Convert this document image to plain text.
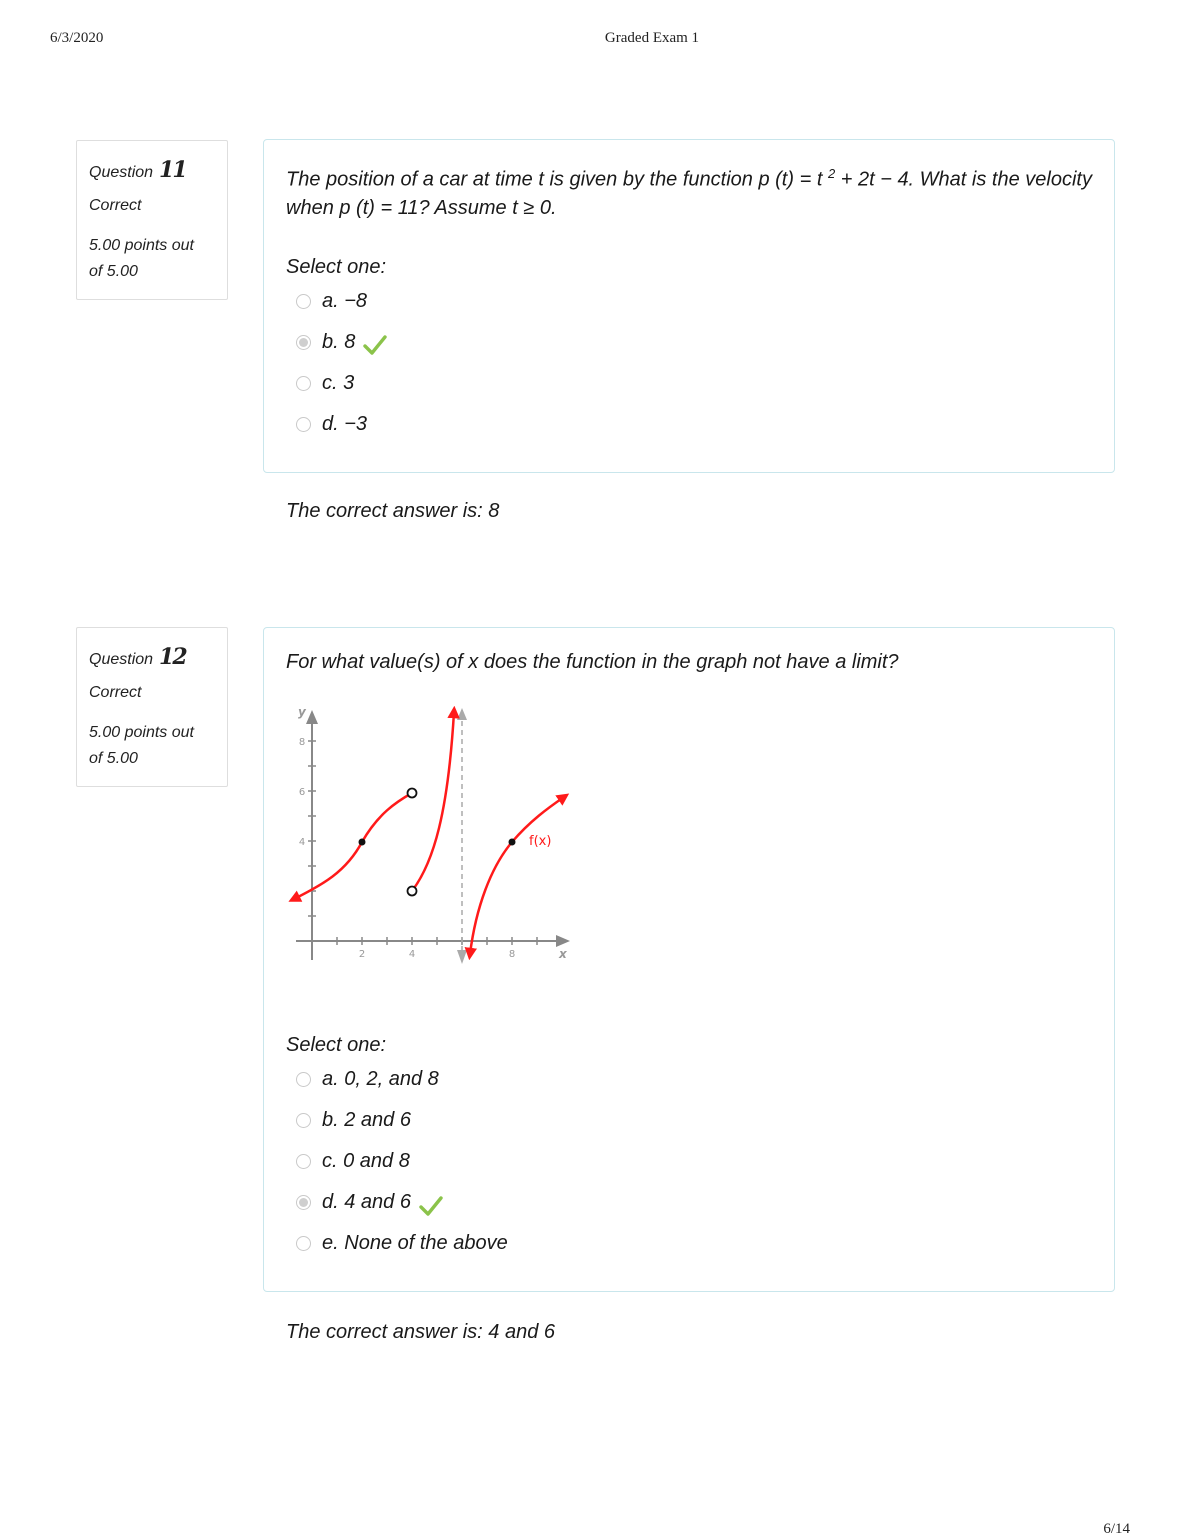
6/3/2020	Graded Exam 1
6/14
Question 11
Correct
5.00 points out of 5.00
The position of a car at time t is given by the function p (t) = t $^2$ + 2t − 4. What is the velocity when p (t) = 11? Assume t ≥ 0.
Select one:
a. −8
b. 8
c. 3
d. −3
The correct answer is: 8
Question 12
Correct
5.00 points out of 5.00
For what value(s) of x does the function in the graph not have a limit?
2	4	8
4
6
8
y
x
f(x)
Select one:
a. 0, 2, and 8
b. 2 and 6
c. 0 and 8
d. 4 and 6
e. None of the above
The correct answer is: 4 and 6
